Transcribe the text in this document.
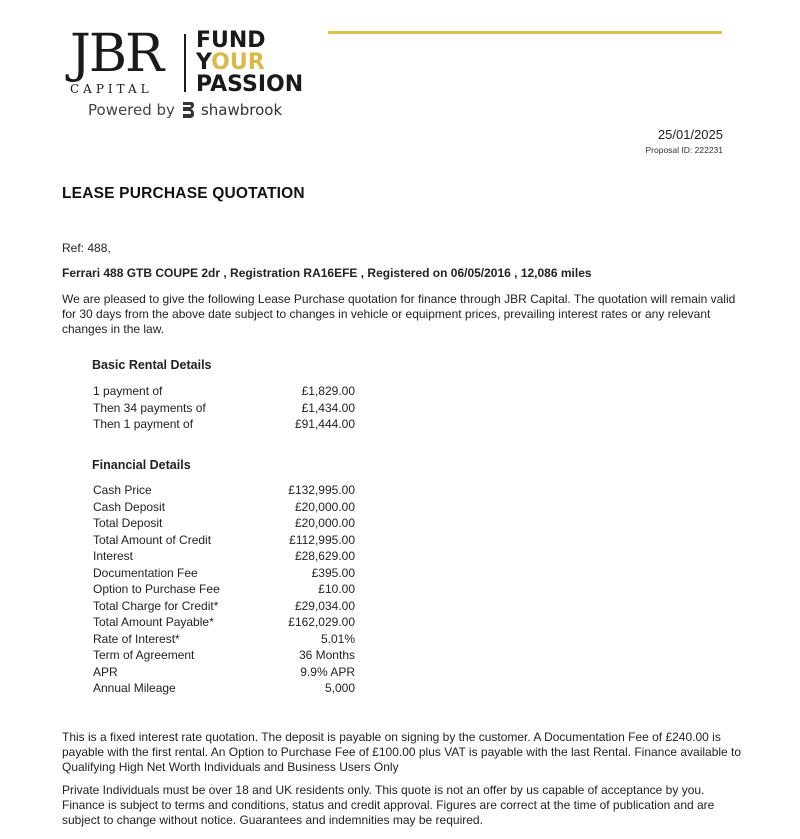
JBR
CAPITAL
FUND
YOUR
PASSION
Powered by shawbrook
25/01/2025
Proposal ID: 222231
LEASE PURCHASE QUOTATION
Ref: 488,
Ferrari 488 GTB COUPE 2dr , Registration RA16EFE , Registered on 06/05/2016 , 12,086 miles
We are pleased to give the following Lease Purchase quotation for finance through JBR Capital. The quotation will remain valid for 30 days from the above date subject to changes in vehicle or equipment prices, prevailing interest rates or any relevant changes in the law.
Basic Rental Details
1 payment of	£1,829.00
Then 34 payments of	£1,434.00
Then 1 payment of	£91,444.00
Financial Details
Cash Price	£132,995.00
Cash Deposit	£20,000.00
Total Deposit	£20,000.00
Total Amount of Credit	£112,995.00
Interest	£28,629.00
Documentation Fee	£395.00
Option to Purchase Fee	£10.00
Total Charge for Credit*	£29,034.00
Total Amount Payable*	£162,029.00
Rate of Interest*	5.01%
Term of Agreement	36 Months
APR	9.9% APR
Annual Mileage	5,000
This is a fixed interest rate quotation. The deposit is payable on signing by the customer. A Documentation Fee of £240.00 is payable with the first rental. An Option to Purchase Fee of £100.00 plus VAT is payable with the last Rental. Finance available to Qualifying High Net Worth Individuals and Business Users Only
Private Individuals must be over 18 and UK residents only. This quote is not an offer by us capable of acceptance by you. Finance is subject to terms and conditions, status and credit approval. Figures are correct at the time of publication and are subject to change without notice. Guarantees and indemnities may be required.
